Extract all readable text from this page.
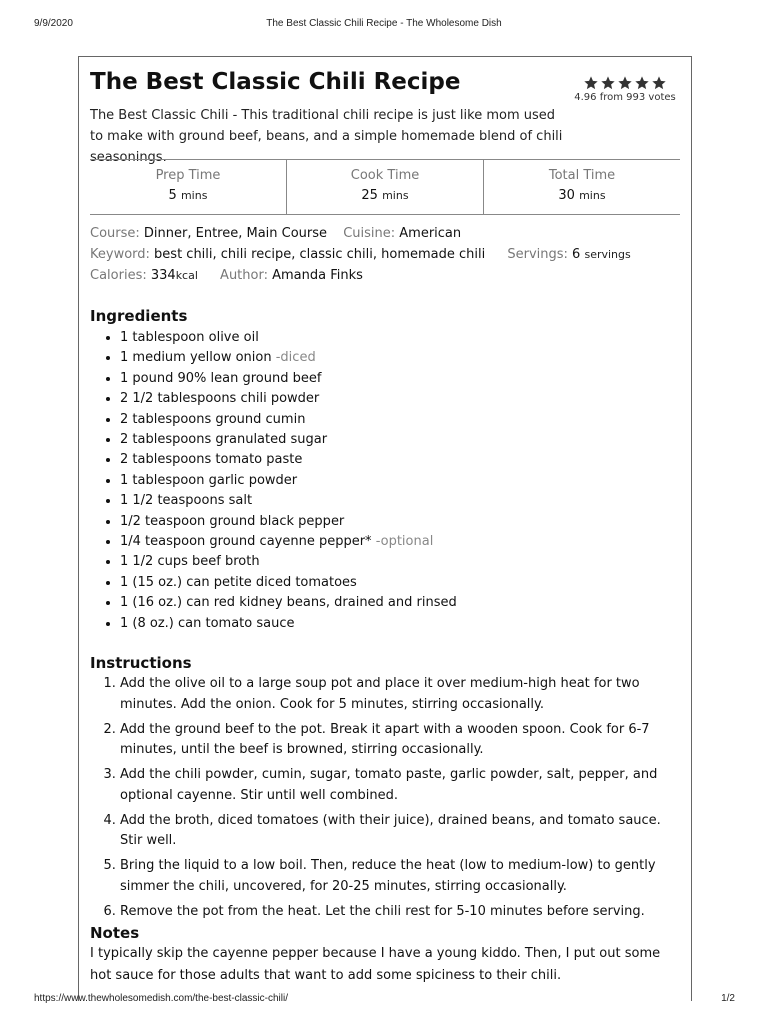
9/9/2020	The Best Classic Chili Recipe - The Wholesome Dish
The Best Classic Chili Recipe
4.96 from 993 votes
The Best Classic Chili - This traditional chili recipe is just like mom used to make with ground beef, beans, and a simple homemade blend of chili seasonings.
Prep Time
5 mins
Cook Time
25 mins
Total Time
30 mins
Course: Dinner, Entree, Main Course Cuisine: American
Keyword: best chili, chili recipe, classic chili, homemade chili Servings: 6 servings
Calories: 334kcal Author: Amanda Finks
Ingredients
• 1 tablespoon olive oil
• 1 medium yellow onion -diced
• 1 pound 90% lean ground beef
• 2 1/2 tablespoons chili powder
• 2 tablespoons ground cumin
• 2 tablespoons granulated sugar
• 2 tablespoons tomato paste
• 1 tablespoon garlic powder
• 1 1/2 teaspoons salt
• 1/2 teaspoon ground black pepper
• 1/4 teaspoon ground cayenne pepper* -optional
• 1 1/2 cups beef broth
• 1 (15 oz.) can petite diced tomatoes
• 1 (16 oz.) can red kidney beans, drained and rinsed
• 1 (8 oz.) can tomato sauce
Instructions
1. Add the olive oil to a large soup pot and place it over medium-high heat for two minutes. Add the onion. Cook for 5 minutes, stirring occasionally.
2. Add the ground beef to the pot. Break it apart with a wooden spoon. Cook for 6-7 minutes, until the beef is browned, stirring occasionally.
3. Add the chili powder, cumin, sugar, tomato paste, garlic powder, salt, pepper, and optional cayenne. Stir until well combined.
4. Add the broth, diced tomatoes (with their juice), drained beans, and tomato sauce. Stir well.
5. Bring the liquid to a low boil. Then, reduce the heat (low to medium-low) to gently simmer the chili, uncovered, for 20-25 minutes, stirring occasionally.
6. Remove the pot from the heat. Let the chili rest for 5-10 minutes before serving.
Notes

I typically skip the cayenne pepper because I have a young kiddo. Then, I put out some hot sauce for those adults that want to add some spiciness to their chili.

https://www.thewholesomedish.com/the-best-classic-chili/	1/2
